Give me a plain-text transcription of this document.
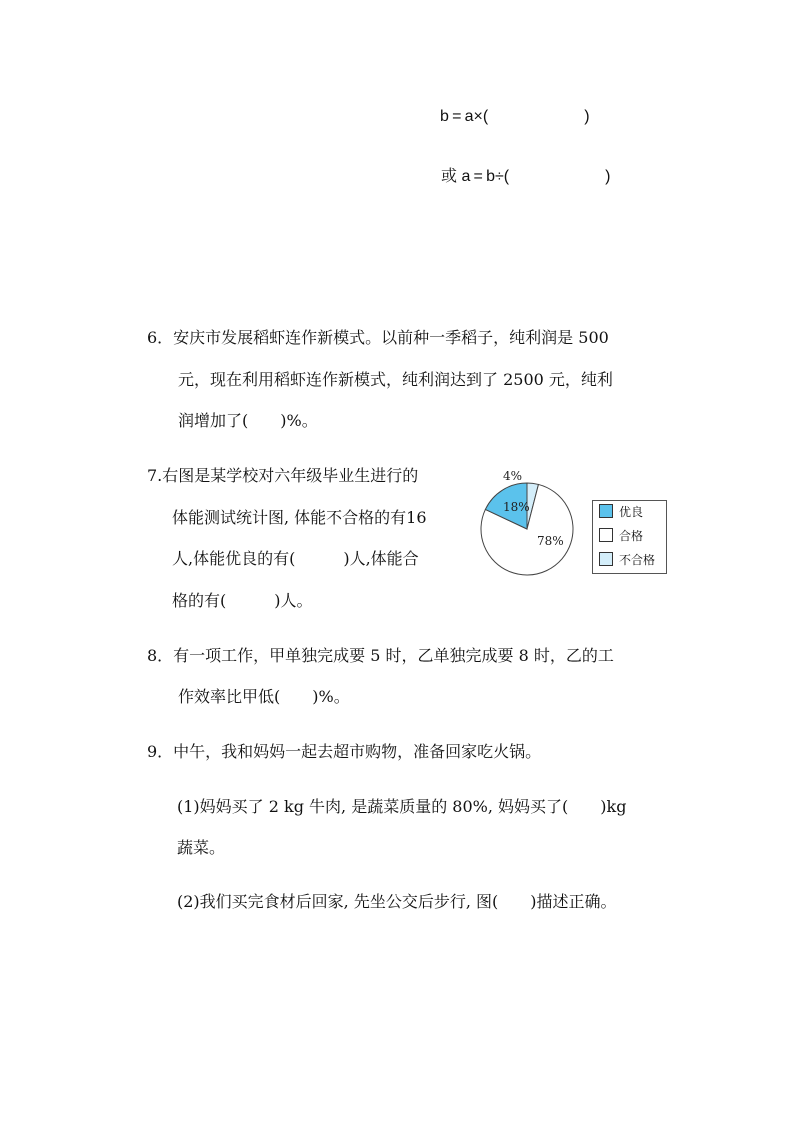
b = a×(      )
或 a = b÷(      )
6．安庆市发展稻虾连作新模式。以前种一季稻子，纯利润是 500
元，现在利用稻虾连作新模式，纯利润达到了 2500 元，纯利
润增加了(  )%。
7.右图是某学校对六年级毕业生进行的
体能测试统计图, 体能不合格的有16
人,体能优良的有(   )人,体能合
格的有(   )人。
4%
78%
18%	优良
合格
不合格
8．有一项工作，甲单独完成要 5 时，乙单独完成要 8 时，乙的工
作效率比甲低(  )%。
9．中午，我和妈妈一起去超市购物，准备回家吃火锅。
(1)妈妈买了 2 kg 牛肉, 是蔬菜质量的 80%, 妈妈买了(  )kg
蔬菜。
(2)我们买完食材后回家, 先坐公交后步行, 图(  )描述正确。
